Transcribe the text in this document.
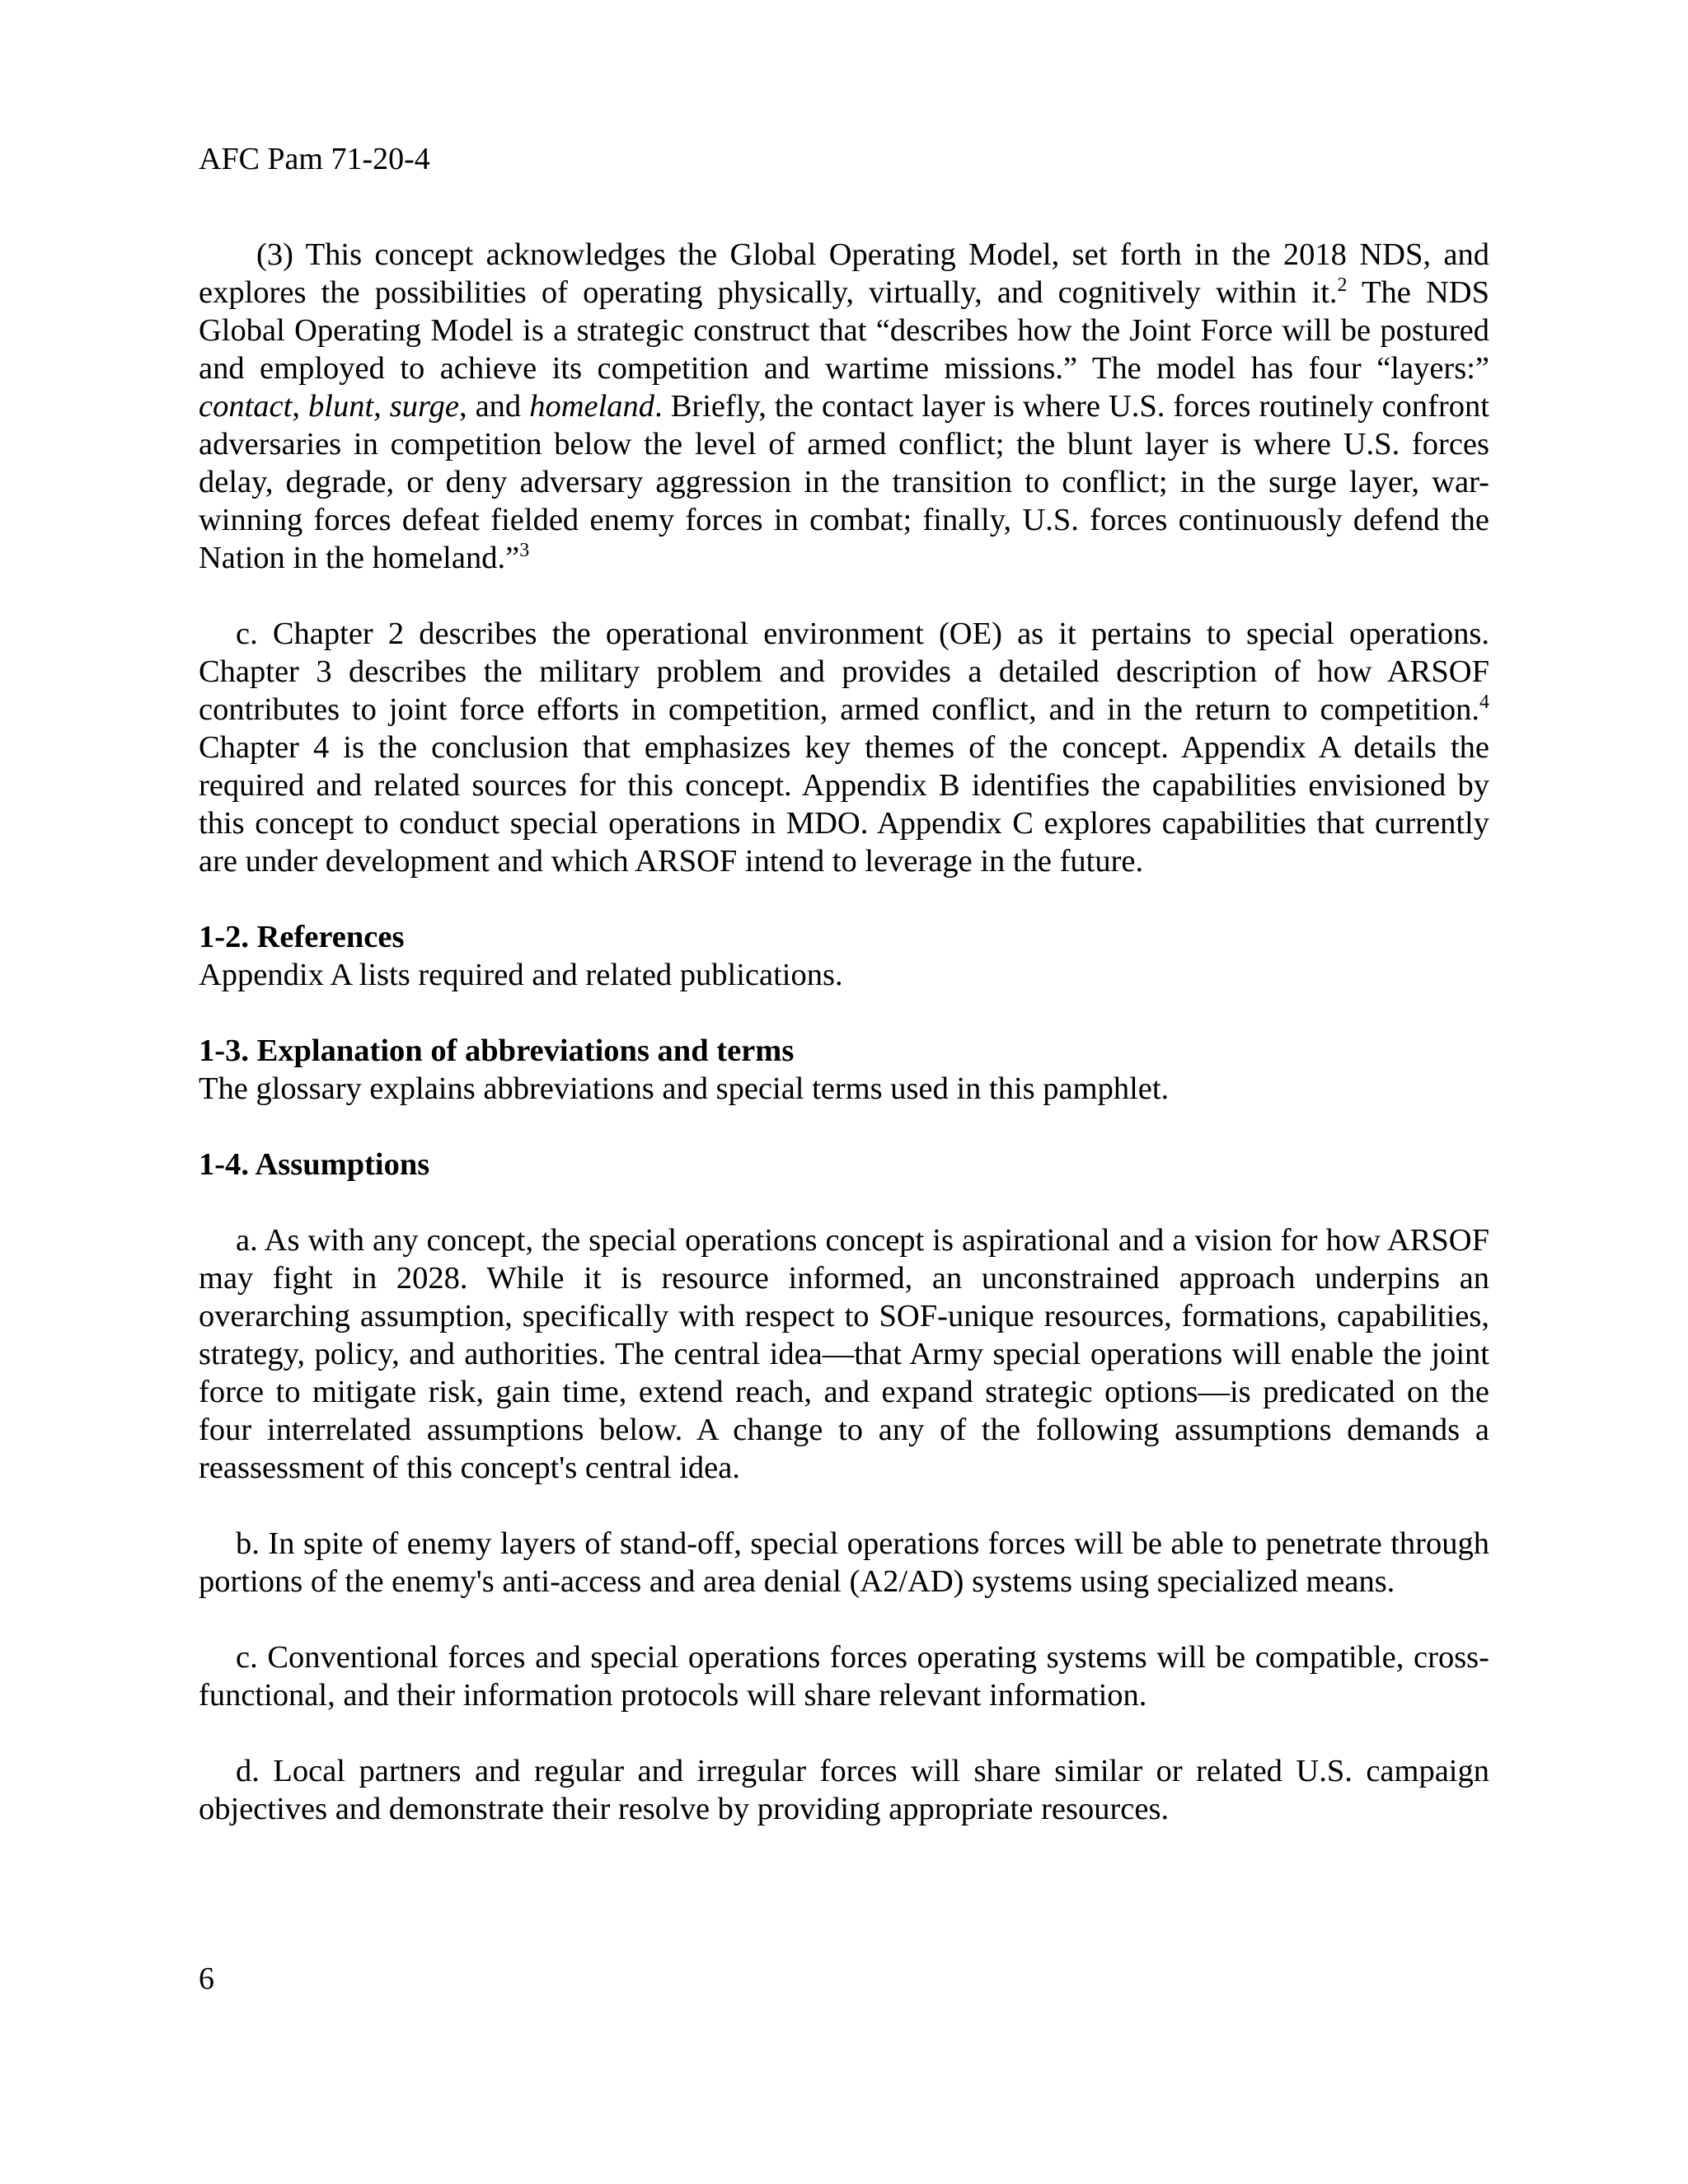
AFC Pam 71-20-4

(3) This concept acknowledges the Global Operating Model, set forth in the 2018 NDS, and explores the possibilities of operating physically, virtually, and cognitively within it.$^2$ The NDS Global Operating Model is a strategic construct that “describes how the Joint Force will be postured and employed to achieve its competition and wartime missions.” The model has four “layers:” contact, blunt, surge, and homeland. Briefly, the contact layer is where U.S. forces routinely confront adversaries in competition below the level of armed conflict; the blunt layer is where U.S. forces delay, degrade, or deny adversary aggression in the transition to conflict; in the surge layer, war-winning forces defeat fielded enemy forces in combat; finally, U.S. forces continuously defend the Nation in the homeland.”$^3$

c. Chapter 2 describes the operational environment (OE) as it pertains to special operations. Chapter 3 describes the military problem and provides a detailed description of how ARSOF contributes to joint force efforts in competition, armed conflict, and in the return to competition.$^4$ Chapter 4 is the conclusion that emphasizes key themes of the concept. Appendix A details the required and related sources for this concept. Appendix B identifies the capabilities envisioned by this concept to conduct special operations in MDO. Appendix C explores capabilities that currently are under development and which ARSOF intend to leverage in the future.

1-2. References

Appendix A lists required and related publications.

1-3. Explanation of abbreviations and terms

The glossary explains abbreviations and special terms used in this pamphlet.

1-4. Assumptions

a. As with any concept, the special operations concept is aspirational and a vision for how ARSOF may fight in 2028. While it is resource informed, an unconstrained approach underpins an overarching assumption, specifically with respect to SOF-unique resources, formations, capabilities, strategy, policy, and authorities. The central idea—that Army special operations will enable the joint force to mitigate risk, gain time, extend reach, and expand strategic options—is predicated on the four interrelated assumptions below. A change to any of the following assumptions demands a reassessment of this concept's central idea.

b. In spite of enemy layers of stand-off, special operations forces will be able to penetrate through portions of the enemy's anti-access and area denial (A2/AD) systems using specialized means.

c. Conventional forces and special operations forces operating systems will be compatible, cross-functional, and their information protocols will share relevant information.

d. Local partners and regular and irregular forces will share similar or related U.S. campaign objectives and demonstrate their resolve by providing appropriate resources.

6
